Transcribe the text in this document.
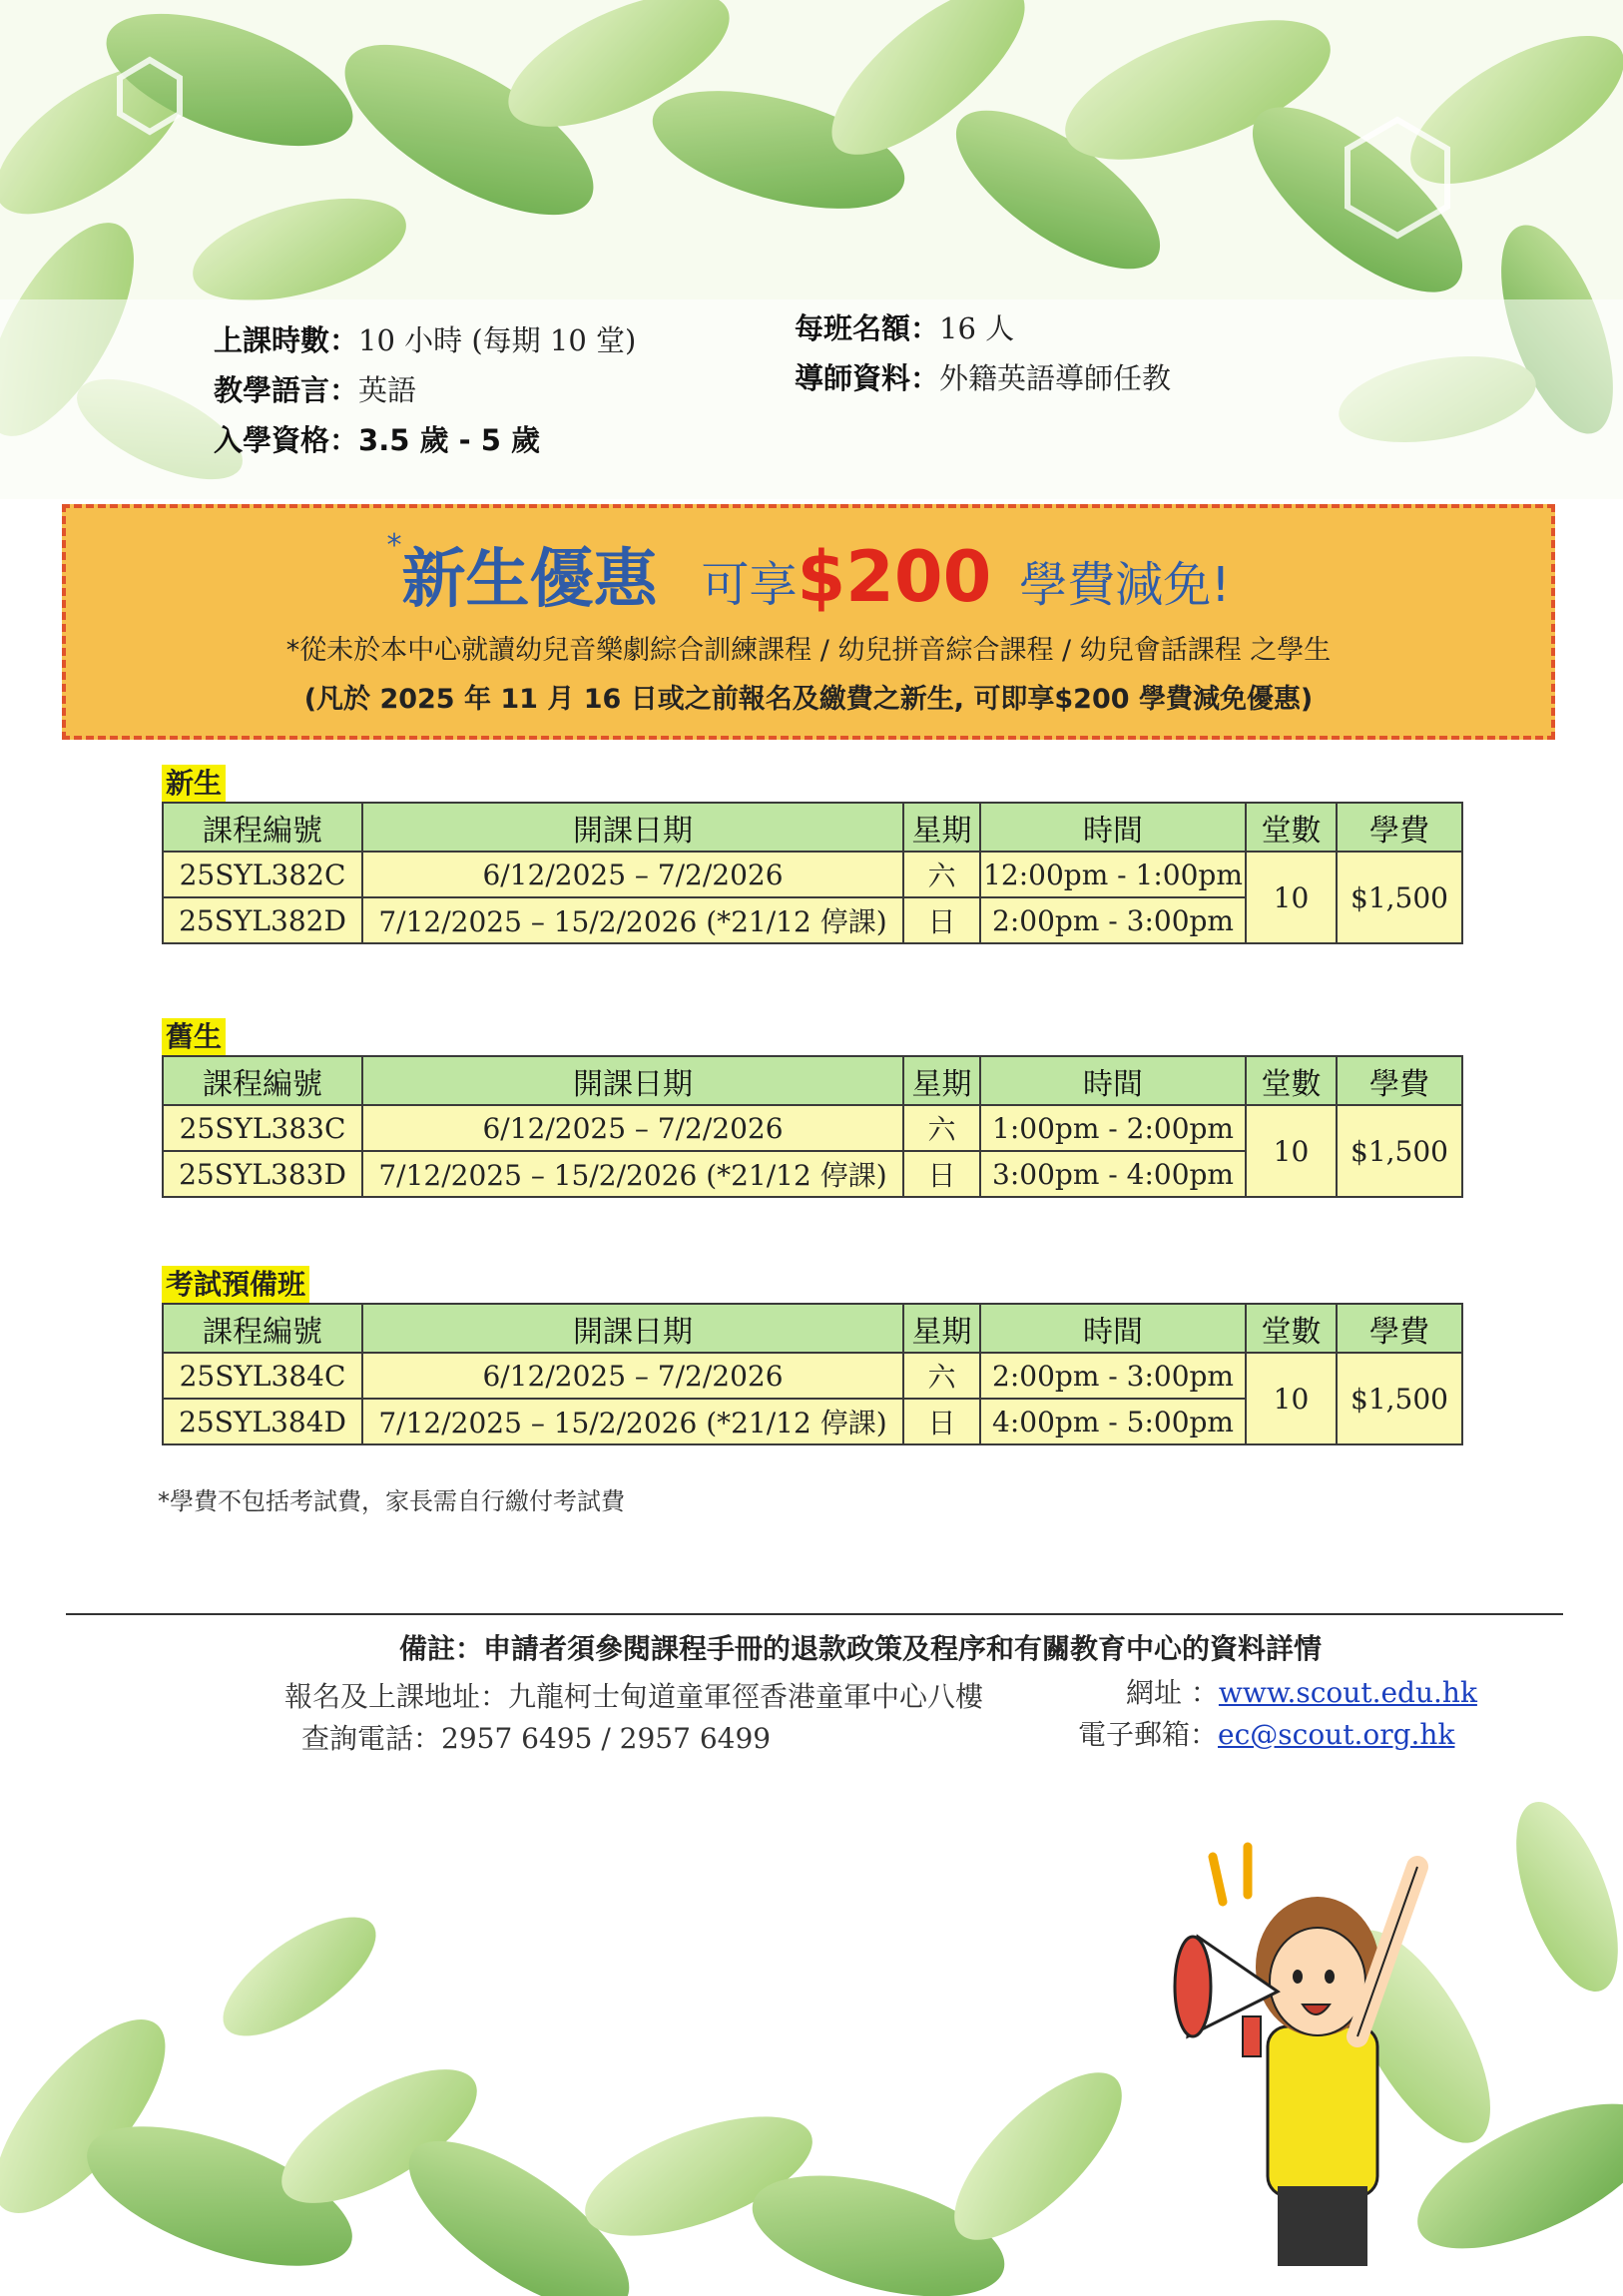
上課時數：10 小時 (每期 10 堂)
教學語言：英語
入學資格：3.5 歲 - 5 歲
每班名額：16 人
導師資料：外籍英語導師任教
*新生優惠 可享$200 學費減免!
*從未於本中心就讀幼兒音樂劇綜合訓練課程 / 幼兒拼音綜合課程 / 幼兒會話課程 之學生
(凡於 2025 年 11 月 16 日或之前報名及繳費之新生, 可即享$200 學費減免優惠)
新生
課程編號	開課日期	星期	時間	堂數	學費
25SYL382C	6/12/2025 – 7/2/2026	六	12:00pm - 1:00pm	10	$1,500
25SYL382D	7/12/2025 – 15/2/2026 (*21/12 停課)	日	2:00pm - 3:00pm		
舊生
課程編號	開課日期	星期	時間	堂數	學費
25SYL383C	6/12/2025 – 7/2/2026	六	1:00pm - 2:00pm	10	$1,500
25SYL383D	7/12/2025 – 15/2/2026 (*21/12 停課)	日	3:00pm - 4:00pm		
考試預備班
課程編號	開課日期	星期	時間	堂數	學費
25SYL384C	6/12/2025 – 7/2/2026	六	2:00pm - 3:00pm	10	$1,500
25SYL384D	7/12/2025 – 15/2/2026 (*21/12 停課)	日	4:00pm - 5:00pm		
*學費不包括考試費，家長需自行繳付考試費
備註：申請者須參閱課程手冊的退款政策及程序和有關教育中心的資料詳情
報名及上課地址：九龍柯士甸道童軍徑香港童軍中心八樓
查詢電話：2957 6495 / 2957 6499
網址 ：www.scout.edu.hk
電子郵箱：ec@scout.org.hk
